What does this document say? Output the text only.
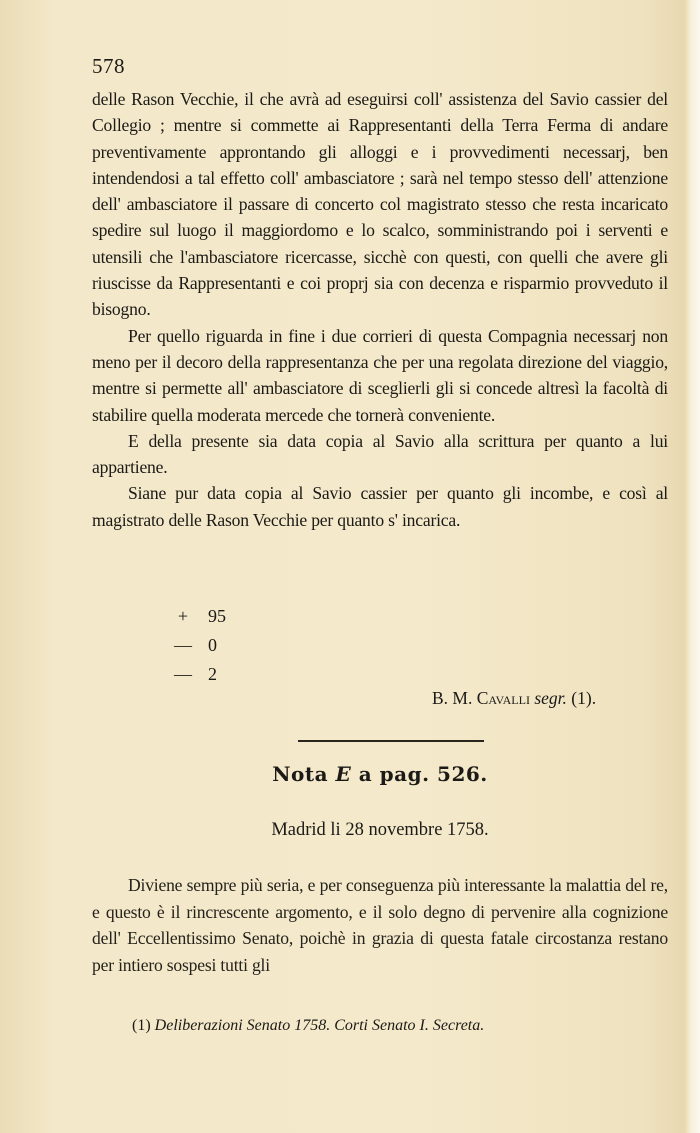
578

delle Rason Vecchie, il che avrà ad eseguirsi coll' assistenza del Savio cassier del Collegio ; mentre si commette ai Rappresentanti della Terra Ferma di andare preventivamente approntando gli alloggi e i provvedimenti necessarj, ben intendendosi a tal effetto coll' ambasciatore ; sarà nel tempo stesso dell' attenzione dell' ambasciatore il passare di concerto col magistrato stesso che resta incaricato spedire sul luogo il maggiordomo e lo scalco, somministrando poi i serventi e utensili che l'ambasciatore ricercasse, sicchè con questi, con quelli che avere gli riuscisse da Rappresentanti e coi proprj sia con decenza e risparmio provveduto il bisogno.

Per quello riguarda in fine i due corrieri di questa Compagnia necessarj non meno per il decoro della rappresentanza che per una regolata direzione del viaggio, mentre si permette all' ambasciatore di sceglierli gli si concede altresì la facoltà di stabilire quella moderata mercede che tornerà conveniente.

E della presente sia data copia al Savio alla scrittura per quanto a lui appartiene.

Siane pur data copia al Savio cassier per quanto gli incombe, e così al magistrato delle Rason Vecchie per quanto s' incarica.

+	95
— 0
— 2
B. M. Cavalli segr. (1).
Nota E a pag. 526.
Madrid li 28 novembre 1758.

Diviene sempre più seria, e per conseguenza più interessante la malattia del re, e questo è il rincrescente argomento, e il solo degno di pervenire alla cognizione dell' Eccellentissimo Senato, poichè in grazia di questa fatale circostanza restano per intiero sospesi tutti gli

(1) Deliberazioni Senato 1758. Corti Senato I. Secreta.
